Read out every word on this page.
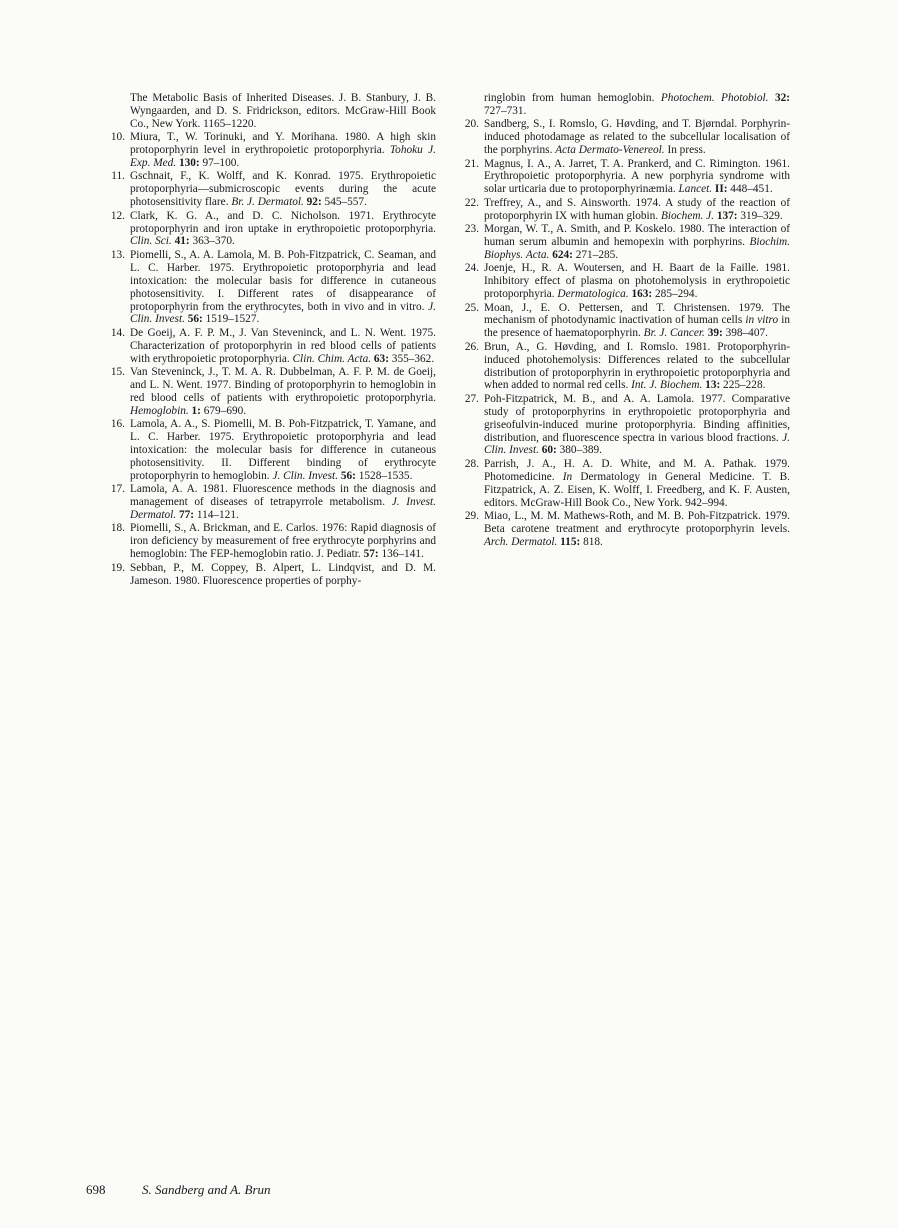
The Metabolic Basis of Inherited Diseases. J. B. Stanbury, J. B. Wyngaarden, and D. S. Fridrickson, editors. McGraw-Hill Book Co., New York. 1165–1220.
10. Miura, T., W. Torinuki, and Y. Morihana. 1980. A high skin protoporphyrin level in erythropoietic protoporphyria. Tohoku J. Exp. Med. 130: 97–100.
11. Gschnait, F., K. Wolff, and K. Konrad. 1975. Erythropoietic protoporphyria—submicroscopic events during the acute photosensitivity flare. Br. J. Dermatol. 92: 545–557.
12. Clark, K. G. A., and D. C. Nicholson. 1971. Erythrocyte protoporphyrin and iron uptake in erythropoietic protoporphyria. Clin. Sci. 41: 363–370.
13. Piomelli, S., A. A. Lamola, M. B. Poh-Fitzpatrick, C. Seaman, and L. C. Harber. 1975. Erythropoietic protoporphyria and lead intoxication: the molecular basis for difference in cutaneous photosensitivity. I. Different rates of disappearance of protoporphyrin from the erythrocytes, both in vivo and in vitro. J. Clin. Invest. 56: 1519–1527.
14. De Goeij, A. F. P. M., J. Van Steveninck, and L. N. Went. 1975. Characterization of protoporphyrin in red blood cells of patients with erythropoietic protoporphyria. Clin. Chim. Acta. 63: 355–362.
15. Van Steveninck, J., T. M. A. R. Dubbelman, A. F. P. M. de Goeij, and L. N. Went. 1977. Binding of protoporphyrin to hemoglobin in red blood cells of patients with erythropoietic protoporphyria. Hemoglobin. 1: 679–690.
16. Lamola, A. A., S. Piomelli, M. B. Poh-Fitzpatrick, T. Yamane, and L. C. Harber. 1975. Erythropoietic protoporphyria and lead intoxication: the molecular basis for difference in cutaneous photosensitivity. II. Different binding of erythrocyte protoporphyrin to hemoglobin. J. Clin. Invest. 56: 1528–1535.
17. Lamola, A. A. 1981. Fluorescence methods in the diagnosis and management of diseases of tetrapyrrole metabolism. J. Invest. Dermatol. 77: 114–121.
18. Piomelli, S., A. Brickman, and E. Carlos. 1976: Rapid diagnosis of iron deficiency by measurement of free erythrocyte porphyrins and hemoglobin: The FEP-hemoglobin ratio. J. Pediatr. 57: 136–141.
19. Sebban, P., M. Coppey, B. Alpert, L. Lindqvist, and D. M. Jameson. 1980. Fluorescence properties of porphy-
ringlobin from human hemoglobin. Photochem. Photobiol. 32: 727–731.
20. Sandberg, S., I. Romslo, G. Høvding, and T. Bjørndal. Porphyrin-induced photodamage as related to the subcellular localisation of the porphyrins. Acta Dermato-Venereol. In press.
21. Magnus, I. A., A. Jarret, T. A. Prankerd, and C. Rimington. 1961. Erythropoietic protoporphyria. A new porphyria syndrome with solar urticaria due to protoporphyrinæmia. Lancet. II: 448–451.
22. Treffrey, A., and S. Ainsworth. 1974. A study of the reaction of protoporphyrin IX with human globin. Biochem. J. 137: 319–329.
23. Morgan, W. T., A. Smith, and P. Koskelo. 1980. The interaction of human serum albumin and hemopexin with porphyrins. Biochim. Biophys. Acta. 624: 271–285.
24. Joenje, H., R. A. Woutersen, and H. Baart de la Faille. 1981. Inhibitory effect of plasma on photohemolysis in erythropoietic protoporphyria. Dermatologica. 163: 285–294.
25. Moan, J., E. O. Pettersen, and T. Christensen. 1979. The mechanism of photodynamic inactivation of human cells in vitro in the presence of haematoporphyrin. Br. J. Cancer. 39: 398–407.
26. Brun, A., G. Høvding, and I. Romslo. 1981. Protoporphyrin-induced photohemolysis: Differences related to the subcellular distribution of protoporphyrin in erythropoietic protoporphyria and when added to normal red cells. Int. J. Biochem. 13: 225–228.
27. Poh-Fitzpatrick, M. B., and A. A. Lamola. 1977. Comparative study of protoporphyrins in erythropoietic protoporphyria and griseofulvin-induced murine protoporphyria. Binding affinities, distribution, and fluorescence spectra in various blood fractions. J. Clin. Invest. 60: 380–389.
28. Parrish, J. A., H. A. D. White, and M. A. Pathak. 1979. Photomedicine. In Dermatology in General Medicine. T. B. Fitzpatrick, A. Z. Eisen, K. Wolff, I. Freedberg, and K. F. Austen, editors. McGraw-Hill Book Co., New York. 942–994.
29. Miao, L., M. M. Mathews-Roth, and M. B. Poh-Fitzpatrick. 1979. Beta carotene treatment and erythrocyte protoporphyrin levels. Arch. Dermatol. 115: 818.
698	S. Sandberg and A. Brun
